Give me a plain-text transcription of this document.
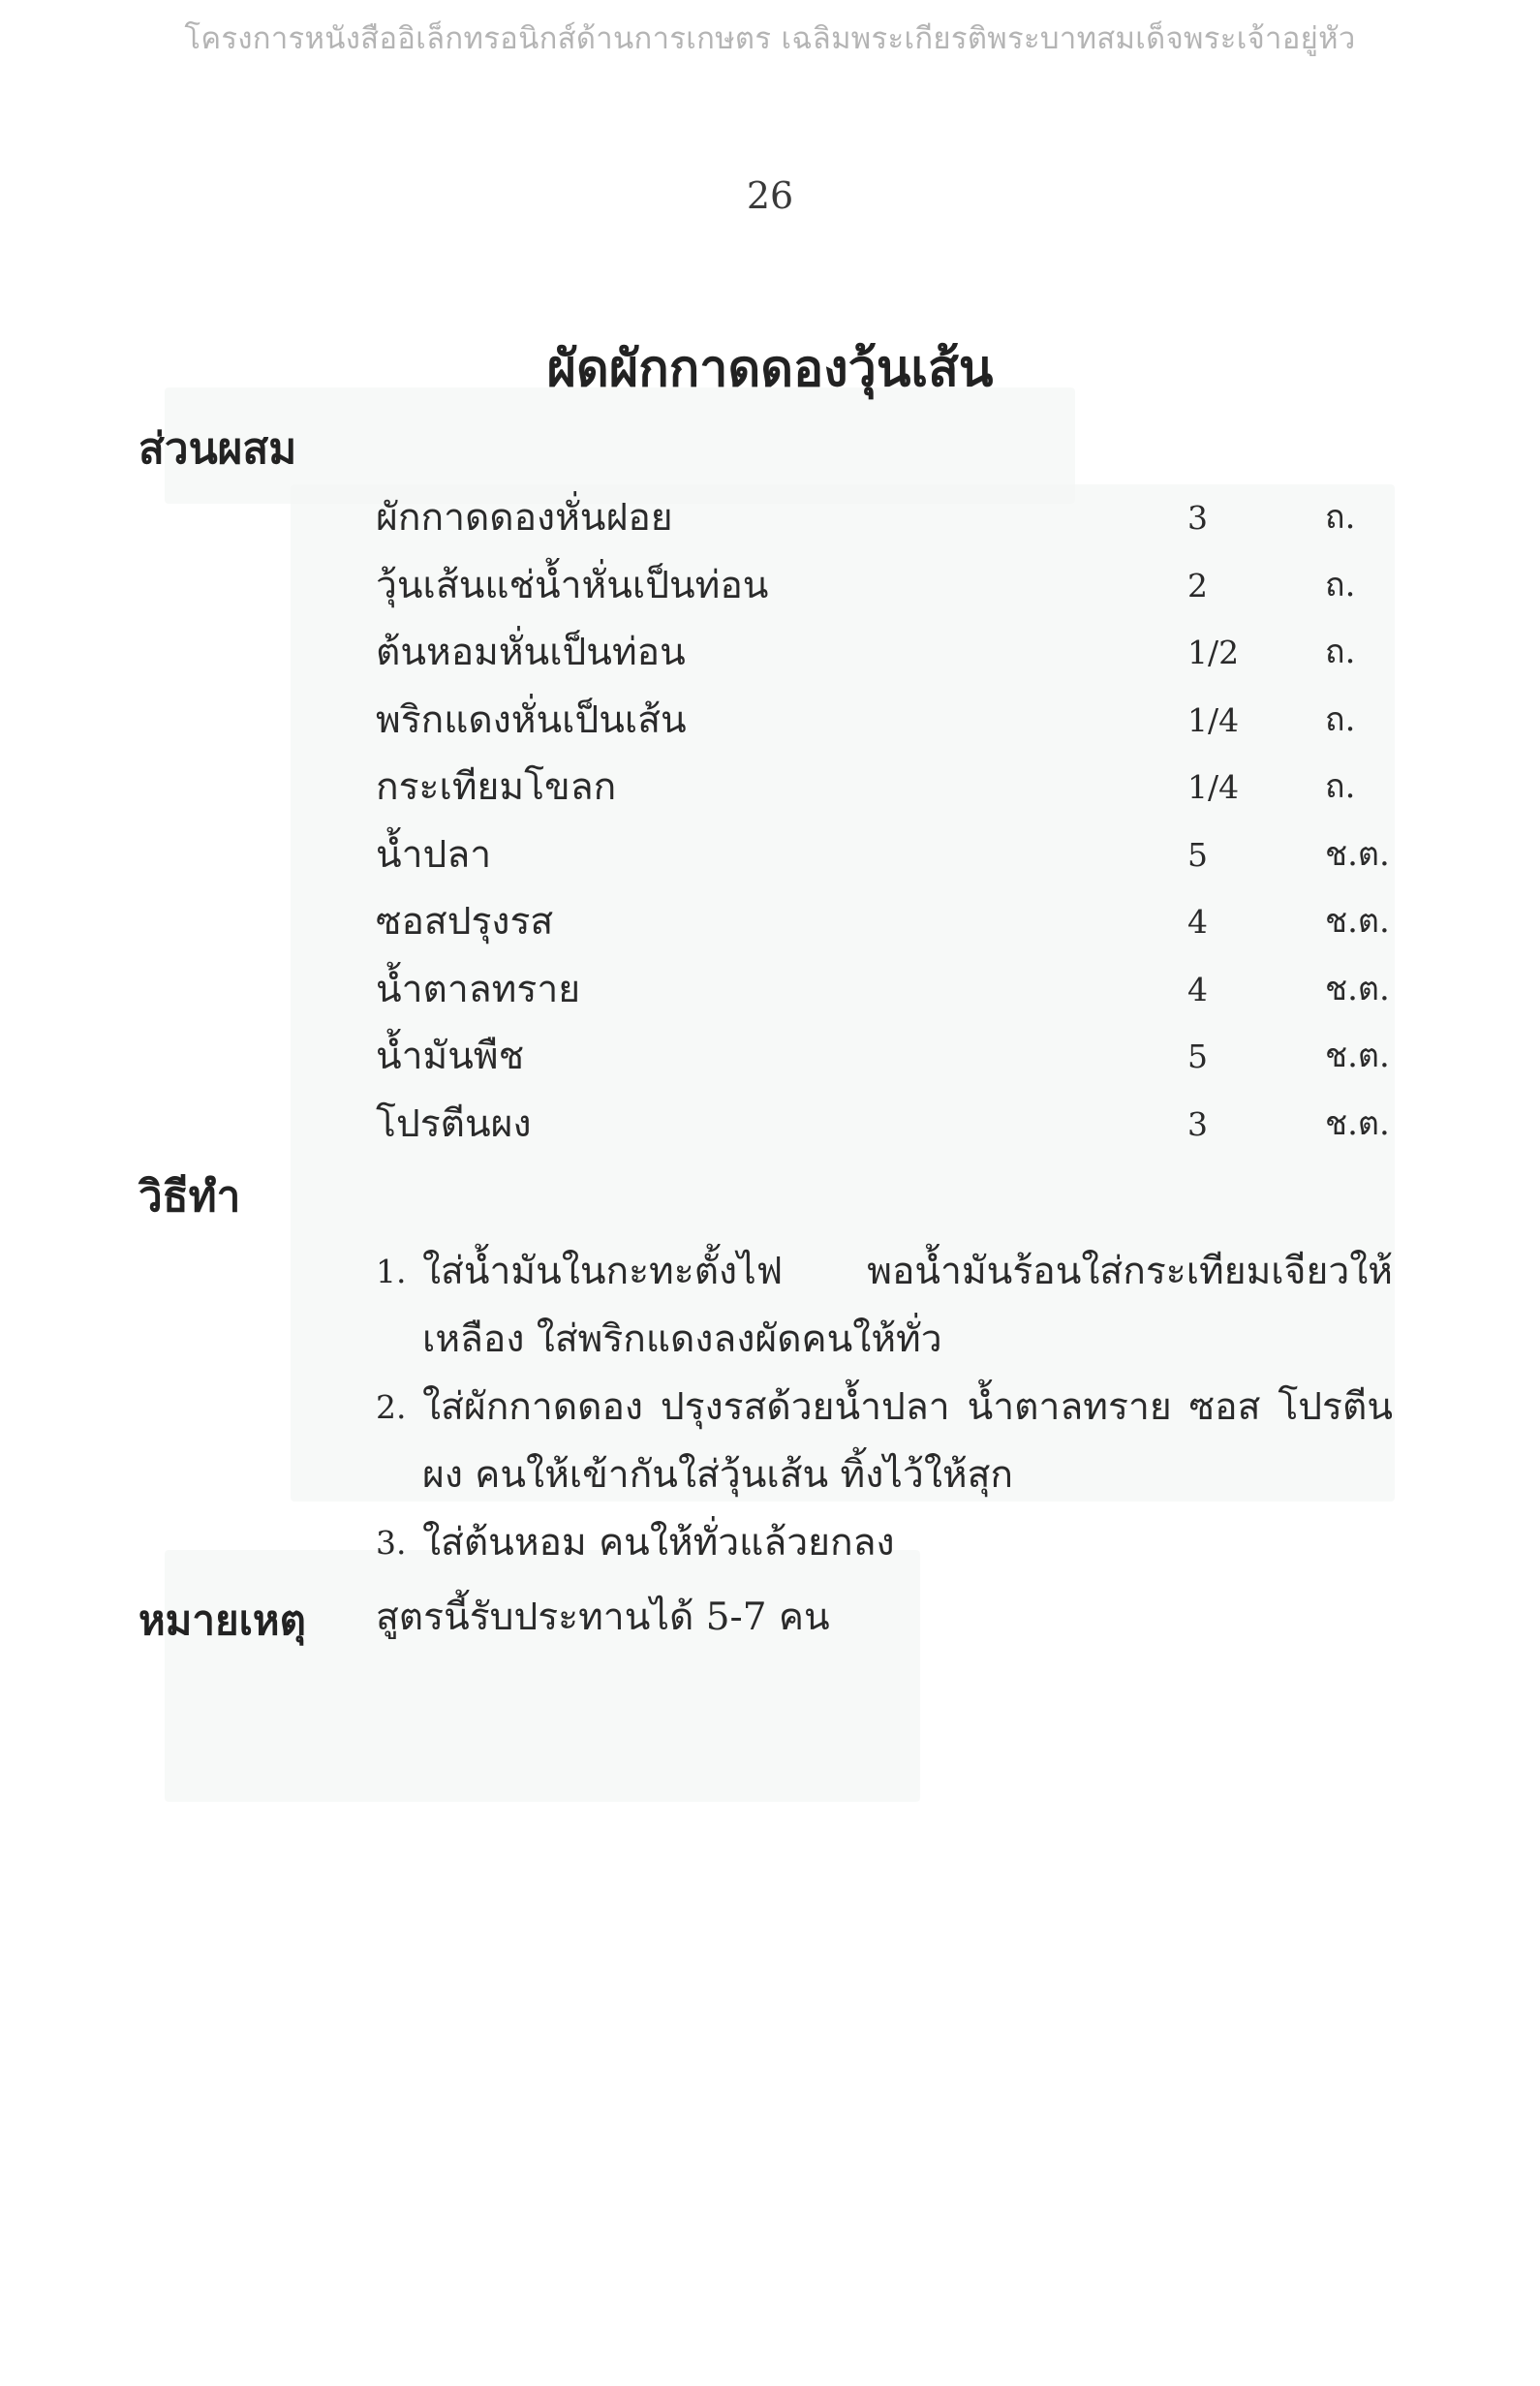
โครงการหนังสืออิเล็กทรอนิกส์ด้านการเกษตร เฉลิมพระเกียรติพระบาทสมเด็จพระเจ้าอยู่หัว
26
ผัดผักกาดดองวุ้นเส้น
ส่วนผสม
ผักกาดดองหั่นฝอย	3	ถ.
วุ้นเส้นแช่น้ำหั่นเป็นท่อน	2	ถ.
ต้นหอมหั่นเป็นท่อน	1/2	ถ.
พริกแดงหั่นเป็นเส้น	1/4	ถ.
กระเทียมโขลก	1/4	ถ.
น้ำปลา	5	ช.ต.
ซอสปรุงรส	4	ช.ต.
น้ำตาลทราย	4	ช.ต.
น้ำมันพืช	5	ช.ต.
โปรตีนผง	3	ช.ต.
วิธีทำ
1. ใส่น้ำมันในกะทะตั้งไฟ พอน้ำมันร้อนใส่กระเทียมเจียวให้เหลือง ใส่พริกแดงลงผัดคนให้ทั่ว
2. ใส่ผักกาดดอง ปรุงรสด้วยน้ำปลา น้ำตาลทราย ซอส โปรตีนผง คนให้เข้ากันใส่วุ้นเส้น ทิ้งไว้ให้สุก
3. ใส่ต้นหอม คนให้ทั่วแล้วยกลง
หมายเหตุ สูตรนี้รับประทานได้ 5-7 คน
